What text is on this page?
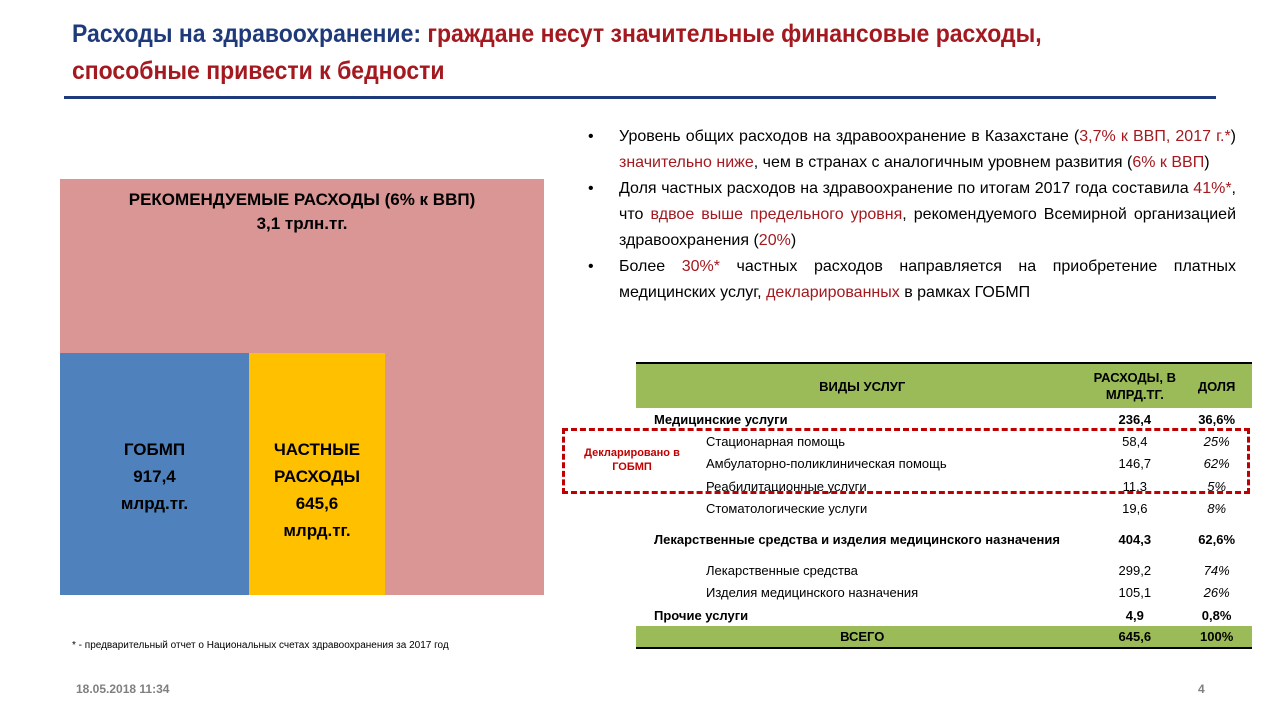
Расходы на здравоохранение: граждане несут значительные финансовые расходы, способные привести к бедности
РЕКОМЕНДУЕМЫЕ РАСХОДЫ (6% к ВВП)
3,1 трлн.тг.
ГОБМП
917,4
млрд.тг.
ЧАСТНЫЕ
РАСХОДЫ
645,6
млрд.тг.
• Уровень общих расходов на здравоохранение в Казахстане (3,7% к ВВП, 2017 г.*) значительно ниже, чем в странах с аналогичным уровнем развития (6% к ВВП)
• Доля частных расходов на здравоохранение по итогам 2017 года составила 41%*, что вдвое выше предельного уровня, рекомендуемого Всемирной организацией здравоохранения (20%)
• Более 30%* частных расходов направляется на приобретение платных медицинских услуг, декларированных в рамках ГОБМП
ВИДЫ УСЛУГ	РАСХОДЫ, В МЛРД.ТГ.	ДОЛЯ
Медицинские услуги	236,4	36,6%
Стационарная помощь	58,4	25%
Амбулаторно-поликлиническая помощь	146,7	62%
Реабилитационные услуги	11,3	5%
Стоматологические услуги	19,6	8%
Лекарственные средства и изделия медицинского назначения	404,3	62,6%
Лекарственные средства	299,2	74%
Изделия медицинского назначения	105,1	26%
Прочие услуги	4,9	0,8%
ВСЕГО	645,6	100%
Декларировано в ГОБМП
* - предварительный отчет о Национальных счетах здравоохранения за 2017 год
18.05.2018 11:34	4
